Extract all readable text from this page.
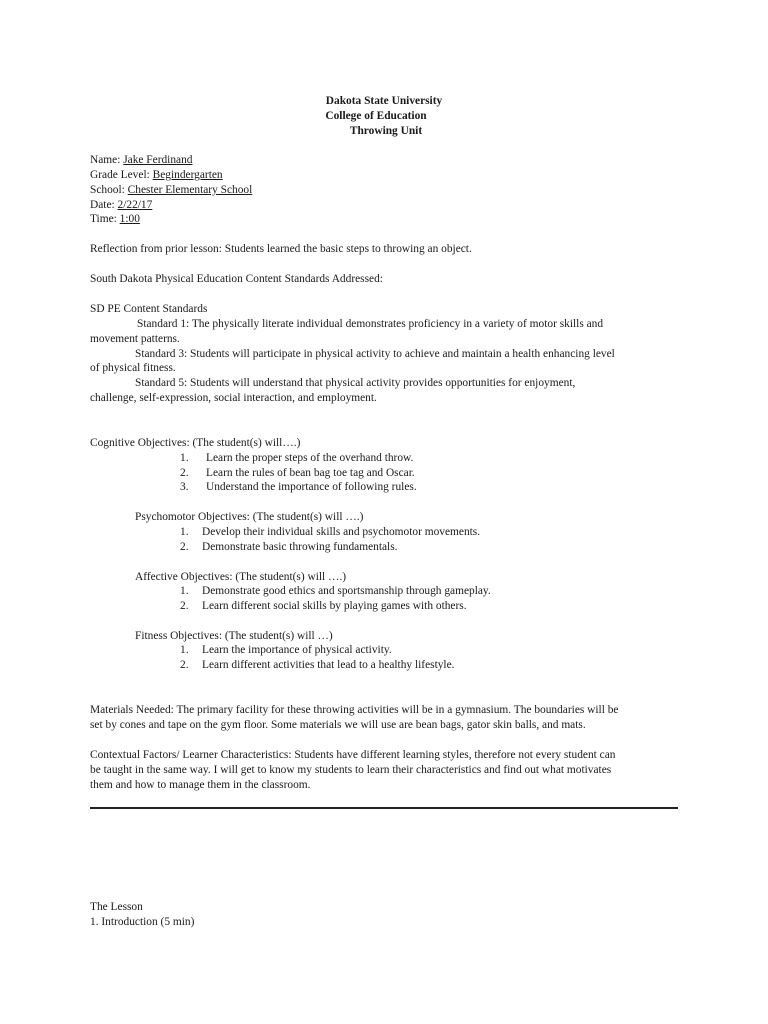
Dakota State University
College of Education
Throwing Unit
Name: Jake Ferdinand
Grade Level: Begindergarten
School: Chester Elementary School
Date: 2/22/17
Time: 1:00
Reflection from prior lesson: Students learned the basic steps to throwing an object.
South Dakota Physical Education Content Standards Addressed:
SD PE Content Standards
Standard 1: The physically literate individual demonstrates proficiency in a variety of motor skills and
movement patterns.
Standard 3: Students will participate in physical activity to achieve and maintain a health enhancing level
of physical fitness.
Standard 5: Students will understand that physical activity provides opportunities for enjoyment,
challenge, self-expression, social interaction, and employment.
Cognitive Objectives: (The student(s) will….)
1. Learn the proper steps of the overhand throw.
2. Learn the rules of bean bag toe tag and Oscar.
3. Understand the importance of following rules.
Psychomotor Objectives: (The student(s) will ….)
1. Develop their individual skills and psychomotor movements.
2. Demonstrate basic throwing fundamentals.
Affective Objectives: (The student(s) will ….)
1. Demonstrate good ethics and sportsmanship through gameplay.
2. Learn different social skills by playing games with others.
Fitness Objectives: (The student(s) will …)
1. Learn the importance of physical activity.
2. Learn different activities that lead to a healthy lifestyle.
Materials Needed: The primary facility for these throwing activities will be in a gymnasium. The boundaries will be
set by cones and tape on the gym floor. Some materials we will use are bean bags, gator skin balls, and mats.
Contextual Factors/ Learner Characteristics: Students have different learning styles, therefore not every student can
be taught in the same way. I will get to know my students to learn their characteristics and find out what motivates
them and how to manage them in the classroom.
The Lesson
1. Introduction (5 min)
